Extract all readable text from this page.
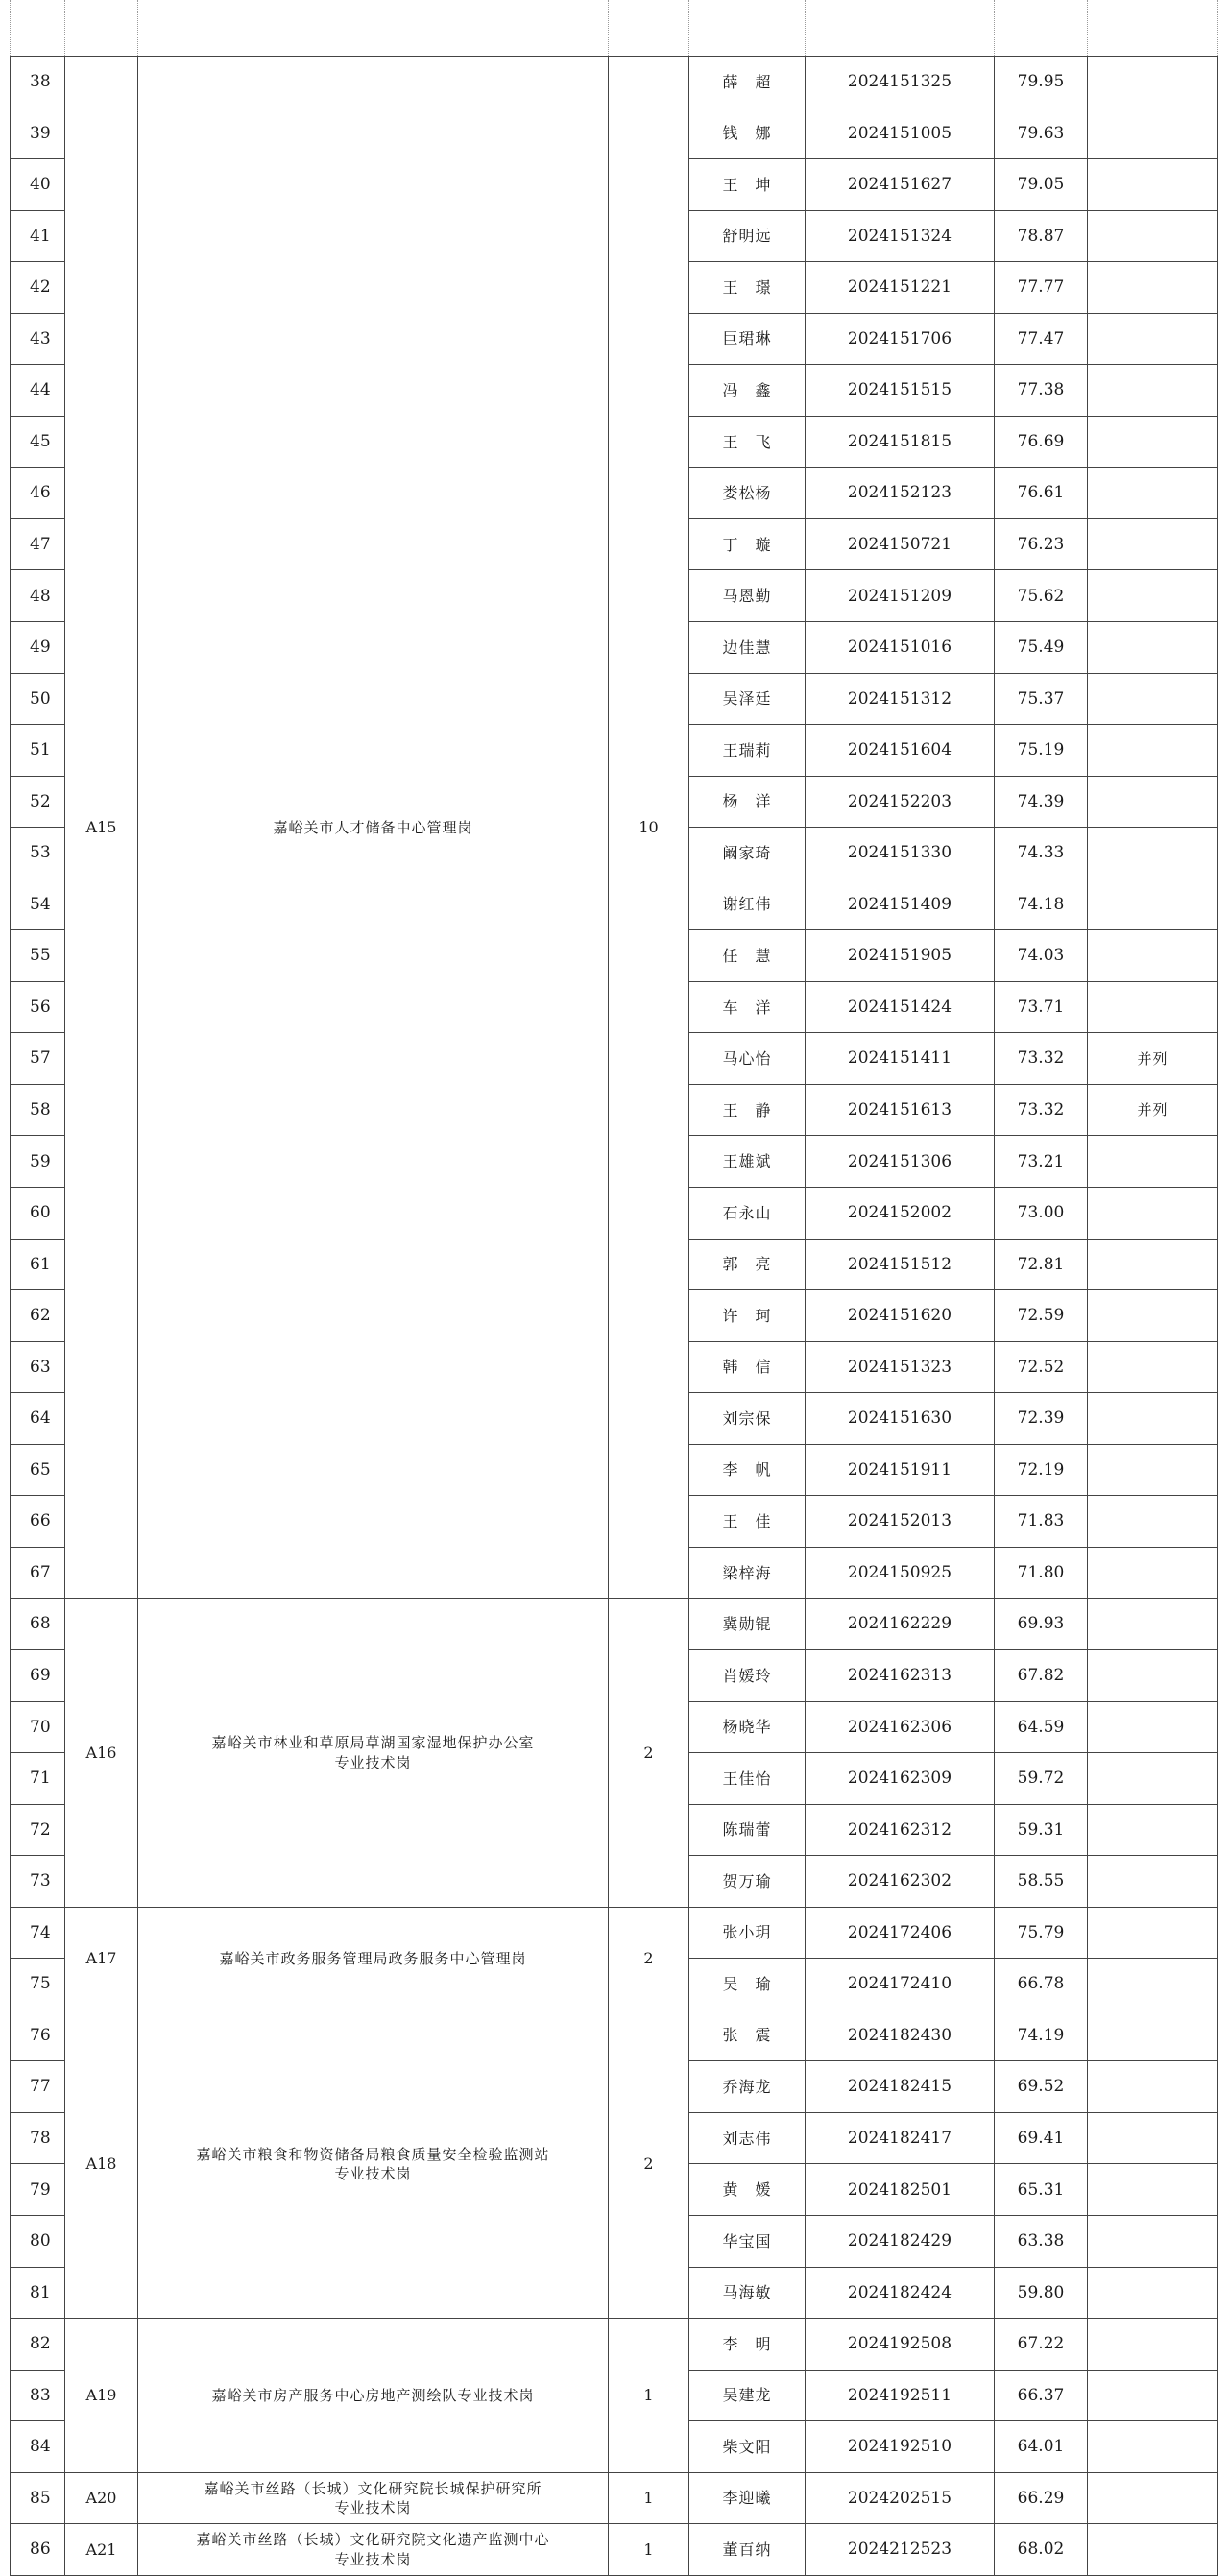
38	A15	嘉峪关市人才储备中心管理岗	10	薛　超	2024151325	79.95	
39				钱　娜	2024151005	79.63	
40				王　坤	2024151627	79.05	
41				舒明远	2024151324	78.87	
42				王　璟	2024151221	77.77	
43				巨珺琳	2024151706	77.47	
44				冯　鑫	2024151515	77.38	
45				王　飞	2024151815	76.69	
46				娄松杨	2024152123	76.61	
47				丁　璇	2024150721	76.23	
48				马恩勤	2024151209	75.62	
49				边佳慧	2024151016	75.49	
50				吴泽廷	2024151312	75.37	
51				王瑞莉	2024151604	75.19	
52				杨　洋	2024152203	74.39	
53				阚家琦	2024151330	74.33	
54				谢红伟	2024151409	74.18	
55				任　慧	2024151905	74.03	
56				车　洋	2024151424	73.71	
57				马心怡	2024151411	73.32	并列
58				王　静	2024151613	73.32	并列
59				王雄斌	2024151306	73.21	
60				石永山	2024152002	73.00	
61				郭　亮	2024151512	72.81	
62				许　珂	2024151620	72.59	
63				韩　信	2024151323	72.52	
64				刘宗保	2024151630	72.39	
65				李　帆	2024151911	72.19	
66				王　佳	2024152013	71.83	
67				梁梓海	2024150925	71.80	
68	A16	嘉峪关市林业和草原局草湖国家湿地保护办公室
专业技术岗	2	冀勋锟	2024162229	69.93	
69				肖媛玲	2024162313	67.82	
70				杨晓华	2024162306	64.59	
71				王佳怡	2024162309	59.72	
72				陈瑞蕾	2024162312	59.31	
73				贺万瑜	2024162302	58.55	
74	A17	嘉峪关市政务服务管理局政务服务中心管理岗	2	张小玥	2024172406	75.79	
75				吴　瑜	2024172410	66.78	
76	A18	嘉峪关市粮食和物资储备局粮食质量安全检验监测站
专业技术岗	2	张　震	2024182430	74.19	
77				乔海龙	2024182415	69.52	
78				刘志伟	2024182417	69.41	
79				黄　媛	2024182501	65.31	
80				华宝国	2024182429	63.38	
81				马海敏	2024182424	59.80	
82	A19	嘉峪关市房产服务中心房地产测绘队专业技术岗	1	李　明	2024192508	67.22	
83				吴建龙	2024192511	66.37	
84				柴文阳	2024192510	64.01	
85	A20	嘉峪关市丝路（长城）文化研究院长城保护研究所
专业技术岗	1	李迎曦	2024202515	66.29	
86	A21	嘉峪关市丝路（长城）文化研究院文化遗产监测中心
专业技术岗	1	董百纳	2024212523	68.02	
